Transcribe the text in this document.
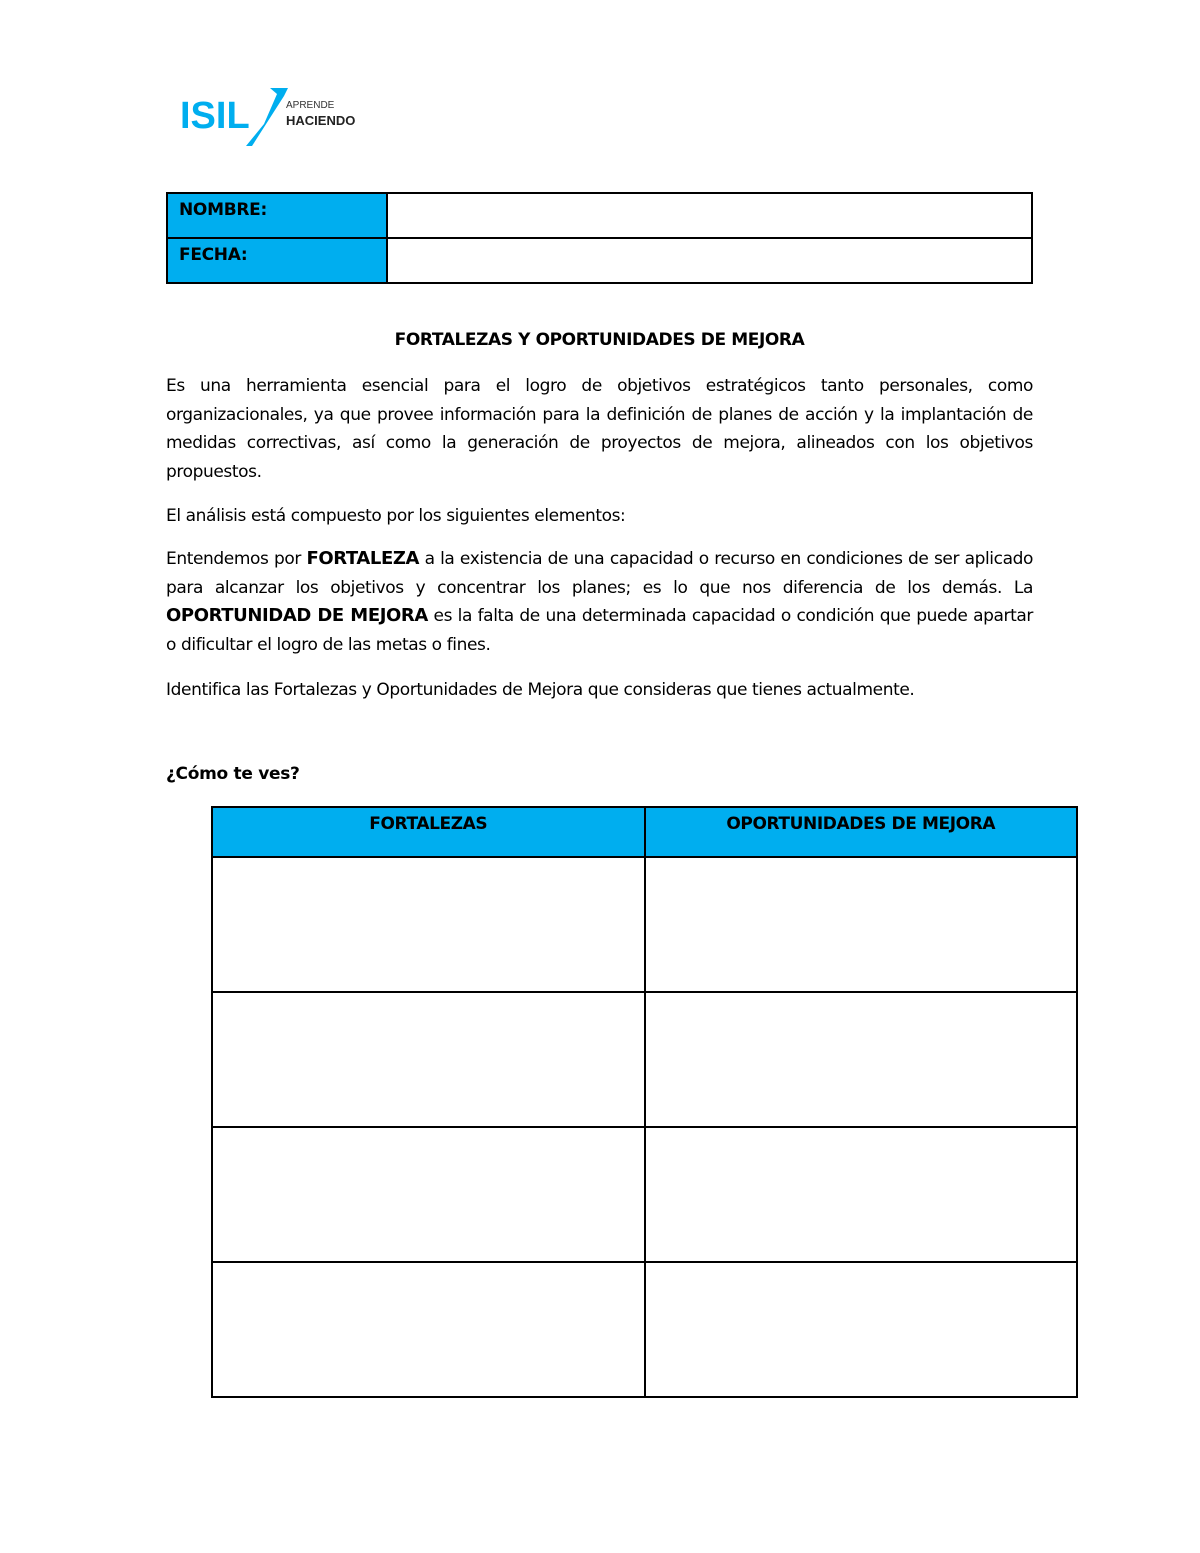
ISIL	APRENDE
HACIENDO
NOMBRE:	
FECHA:	
FORTALEZAS Y OPORTUNIDADES DE MEJORA

Es una herramienta esencial para el logro de objetivos estratégicos tanto personales, como organizacionales, ya que provee información para la definición de planes de acción y la implantación de medidas correctivas, así como la generación de proyectos de mejora, alineados con los objetivos propuestos.

El análisis está compuesto por los siguientes elementos:

Entendemos por FORTALEZA a la existencia de una capacidad o recurso en condiciones de ser aplicado para alcanzar los objetivos y concentrar los planes; es lo que nos diferencia de los demás. La OPORTUNIDAD DE MEJORA es la falta de una determinada capacidad o condición que puede apartar o dificultar el logro de las metas o fines.

Identifica las Fortalezas y Oportunidades de Mejora que consideras que tienes actualmente.

¿Cómo te ves?
FORTALEZAS	OPORTUNIDADES DE MEJORA
